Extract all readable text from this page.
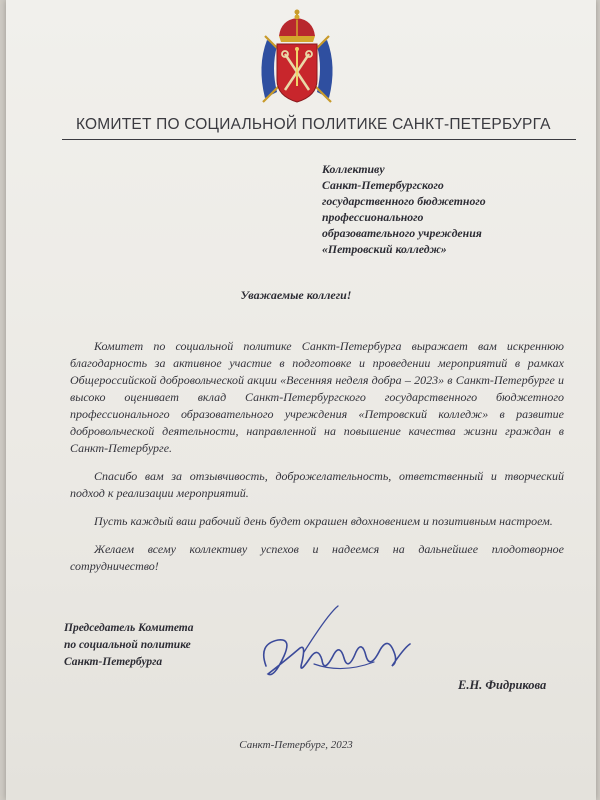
КОМИТЕТ ПО СОЦИАЛЬНОЙ ПОЛИТИКЕ САНКТ-ПЕТЕРБУРГА
Коллективу
Санкт-Петербургского
государственного бюджетного
профессионального
образовательного учреждения
«Петровский колледж»
Уважаемые коллеги!

Комитет по социальной политике Санкт-Петербурга выражает вам искреннюю благодарность за активное участие в подготовке и проведении мероприятий в рамках Общероссийской добровольческой акции «Весенняя неделя добра – 2023» в Санкт-Петербурге и высоко оценивает вклад Санкт-Петербургского государственного бюджетного профессионального образовательного учреждения «Петровский колледж» в развитие добровольческой деятельности, направленной на повышение качества жизни граждан в Санкт-Петербурге.

Спасибо вам за отзывчивость, доброжелательность, ответственный и творческий подход к реализации мероприятий.

Пусть каждый ваш рабочий день будет окрашен вдохновением и позитивным настроем.

Желаем всему коллективу успехов и надеемся на дальнейшее плодотворное сотрудничество!

Председатель Комитета
по социальной политике
Санкт-Петербурга
Е.Н. Фидрикова
Санкт-Петербург, 2023
